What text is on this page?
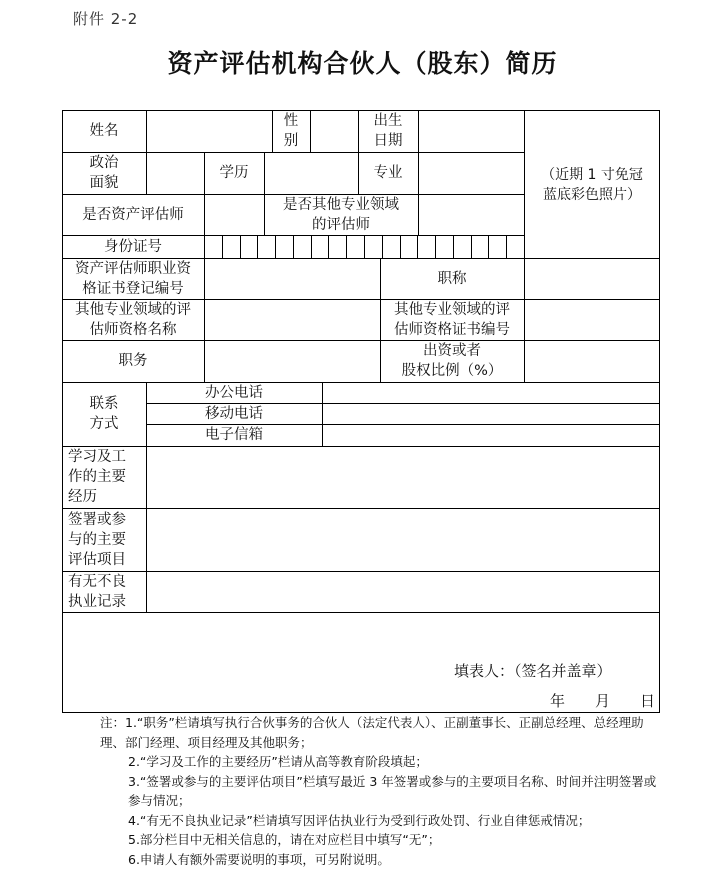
附件 2-2
资产评估机构合伙人（股东）简历
姓名
性
别
出生
日期
（近期 1 寸免冠
蓝底彩色照片）
政治
面貌
学历	专业
是否资产评估师
是否其他专业领域
的评估师
身份证号
资产评估师职业资
格证书登记编号
职称
其他专业领域的评
估师资格名称
其他专业领域的评
估师资格证书编号
职务
出资或者
股权比例（%）
联系
方式
办公电话
移动电话
电子信箱
学习及工
作的主要
经历
签署或参
与的主要
评估项目
有无不良
执业记录
填表人：（签名并盖章）
年　　月　　日

注：1.“职务”栏请填写执行合伙事务的合伙人（法定代表人）、正副董事长、正副总经理、总经理助理、部门经理、项目经理及其他职务；

2.“学习及工作的主要经历”栏请从高等教育阶段填起；

3.“签署或参与的主要评估项目”栏填写最近 3 年签署或参与的主要项目名称、时间并注明签署或参与情况；

4.“有无不良执业记录”栏请填写因评估执业行为受到行政处罚、行业自律惩戒情况；

5.部分栏目中无相关信息的，请在对应栏目中填写“无”；

6.申请人有额外需要说明的事项，可另附说明。
